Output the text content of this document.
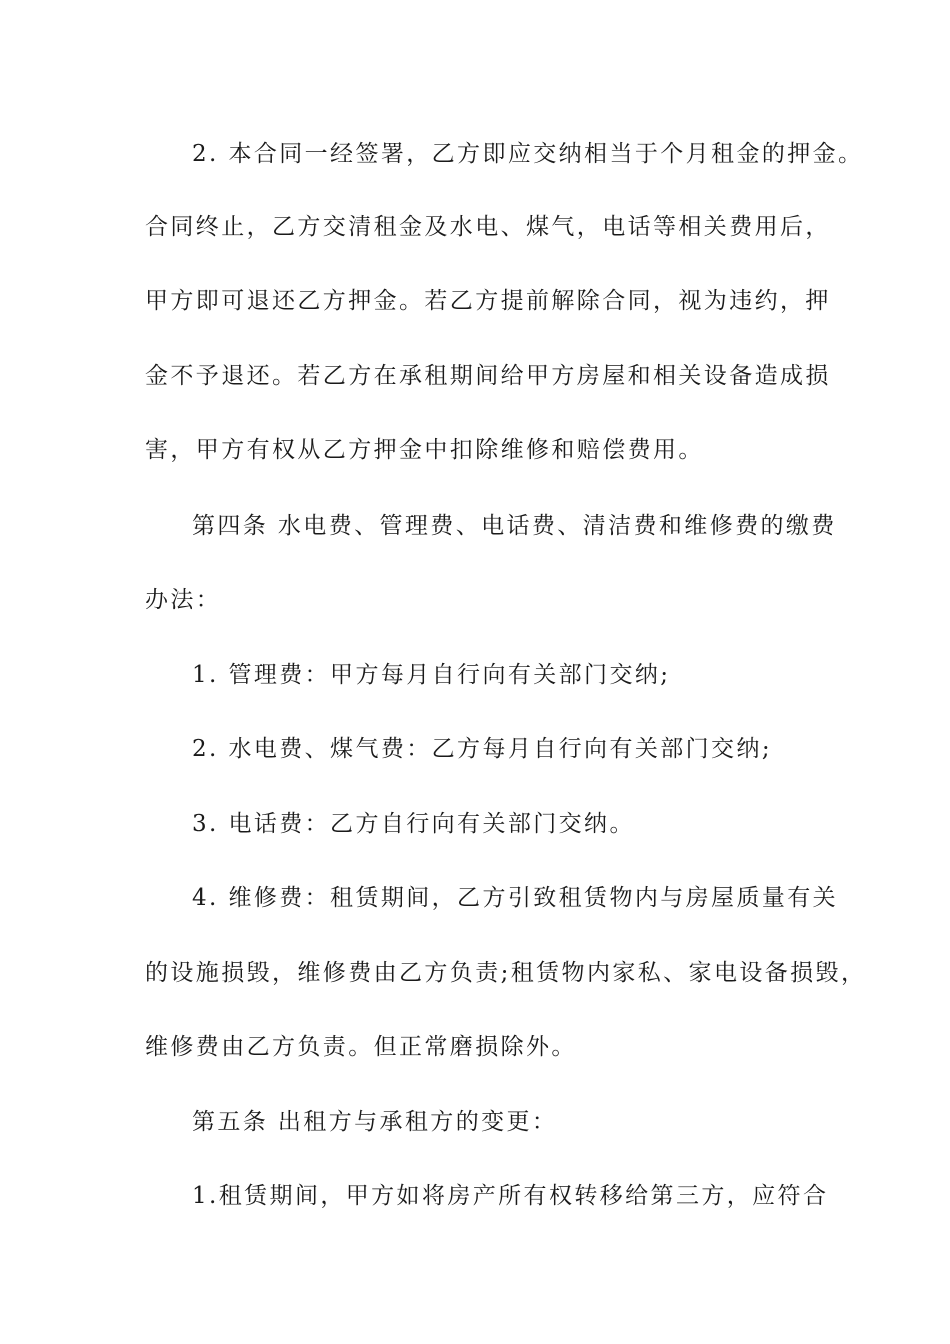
2. 本合同一经签署，乙方即应交纳相当于个月租金的押金。
合同终止，乙方交清租金及水电、煤气，电话等相关费用后，
甲方即可退还乙方押金。若乙方提前解除合同，视为违约，押
金不予退还。若乙方在承租期间给甲方房屋和相关设备造成损
害，甲方有权从乙方押金中扣除维修和赔偿费用。
第四条 水电费、管理费、电话费、清洁费和维修费的缴费
办法：
1. 管理费：甲方每月自行向有关部门交纳;
2. 水电费、煤气费：乙方每月自行向有关部门交纳;
3. 电话费：乙方自行向有关部门交纳。
4. 维修费：租赁期间，乙方引致租赁物内与房屋质量有关
的设施损毁，维修费由乙方负责;租赁物内家私、家电设备损毁，
维修费由乙方负责。但正常磨损除外。
第五条 出租方与承租方的变更：
1.租赁期间，甲方如将房产所有权转移给第三方，应符合
